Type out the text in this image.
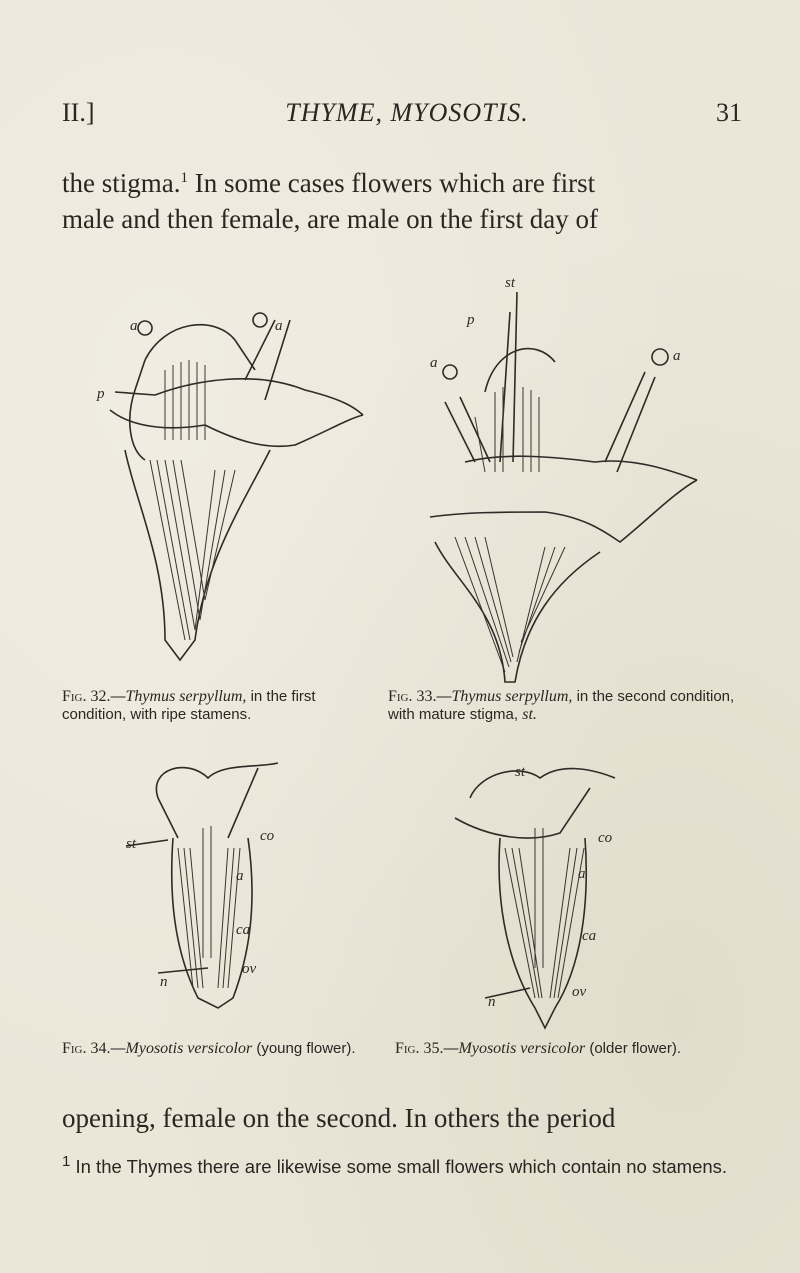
II.]	THYME, MYOSOTIS.	31
the stigma.$^1$ In some cases flowers which are first
male and then female, are male on the first day of
a	a
p
Fig. 32.—Thymus serpyllum, in the first condition, with ripe stamens.
st
p
a	a
Fig. 33.—Thymus serpyllum, in the second condition, with mature stigma, st.
st	co
a
ca
ov
n
Fig. 34.—Myosotis versicolor (young flower).
st
co
a
ca
ov
n
Fig. 35.—Myosotis versicolor (older flower).
opening, female on the second. In others the period
$^1$ In the Thymes there are likewise some small flowers which contain no stamens.
